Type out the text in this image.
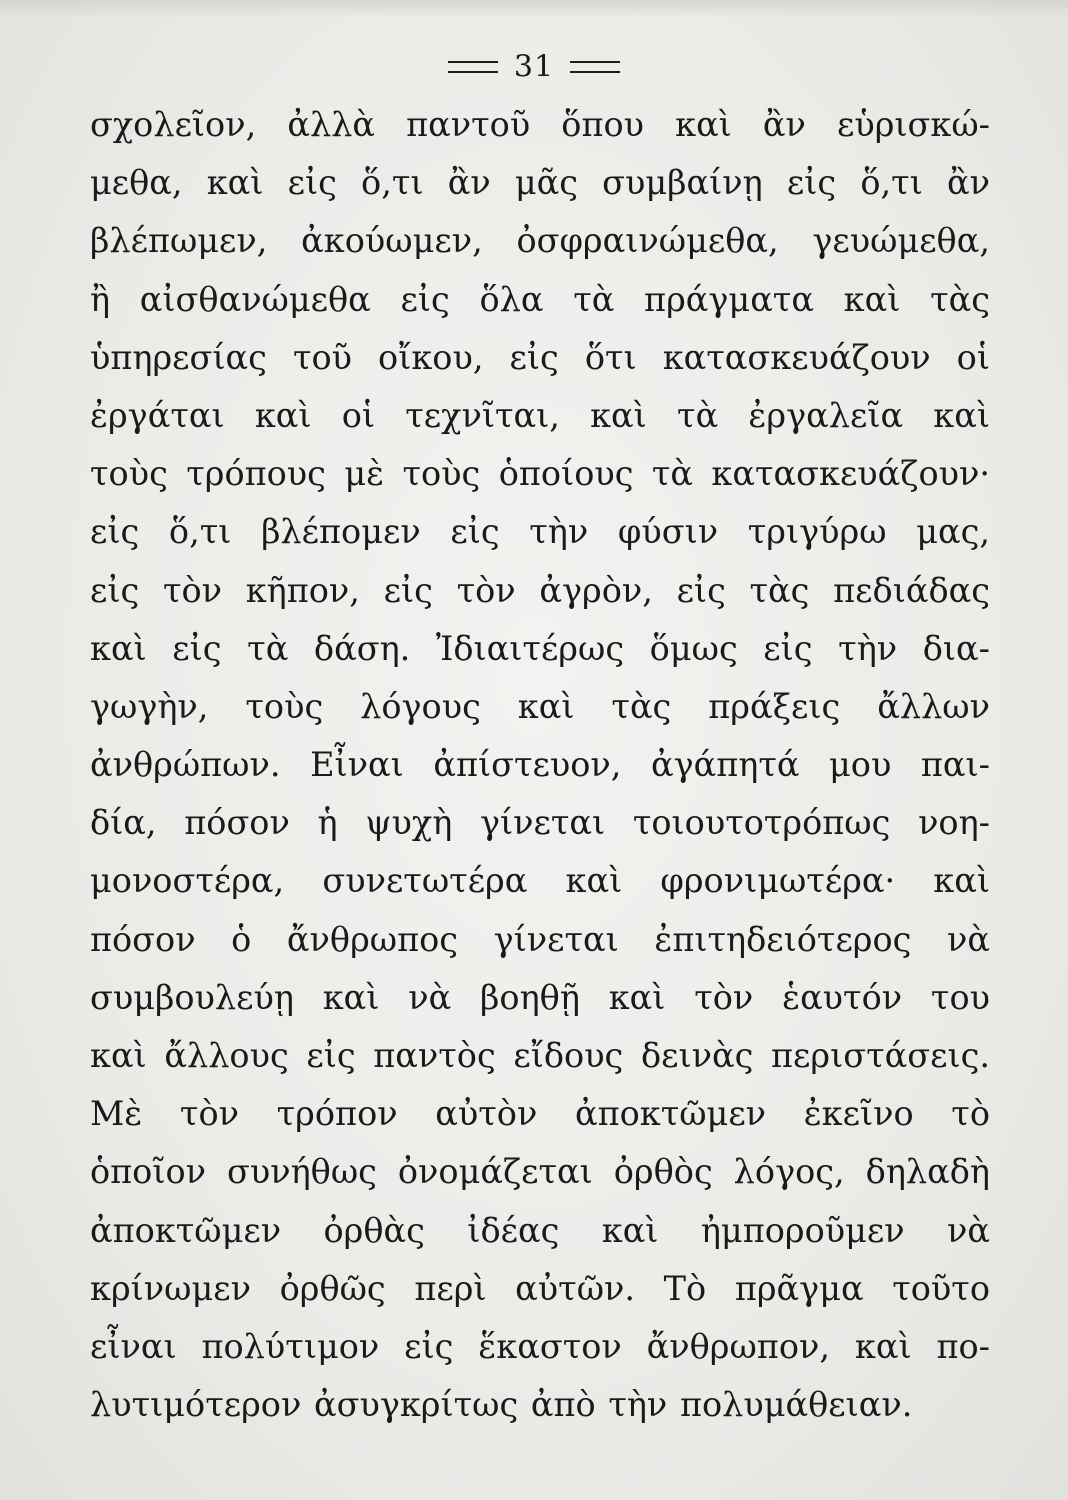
31
σχολεῖον, ἀλλὰ παντοῦ ὅπου καὶ ἂν εὑρισκώ-
μεθα, καὶ εἰς ὅ,τι ἂν μᾶς συμβαίνῃ εἰς ὅ,τι ἂν
βλέπωμεν, ἀκούωμεν, ὀσφραινώμεθα, γευώμεθα,
ἢ αἰσθανώμεθα εἰς ὅλα τὰ πράγματα καὶ τὰς
ὑπηρεσίας τοῦ οἴκου, εἰς ὅτι κατασκευάζουν οἱ
ἐργάται καὶ οἱ τεχνῖται, καὶ τὰ ἐργαλεῖα καὶ
τοὺς τρόπους μὲ τοὺς ὁποίους τὰ κατασκευάζουν·
εἰς ὅ,τι βλέπομεν εἰς τὴν φύσιν τριγύρω μας,
εἰς τὸν κῆπον, εἰς τὸν ἀγρὸν, εἰς τὰς πεδιάδας
καὶ εἰς τὰ δάση. Ἰδιαιτέρως ὅμως εἰς τὴν δια-
γωγὴν, τοὺς λόγους καὶ τὰς πράξεις ἄλλων
ἀνθρώπων. Εἶναι ἀπίστευον, ἀγάπητά μου παι-
δία, πόσον ἡ ψυχὴ γίνεται τοιουτοτρόπως νοη-
μονοστέρα, συνετωτέρα καὶ φρονιμωτέρα· καὶ
πόσον ὁ ἄνθρωπος γίνεται ἐπιτηδειότερος νὰ
συμβουλεύῃ καὶ νὰ βοηθῇ καὶ τὸν ἑαυτόν του
καὶ ἄλλους εἰς παντὸς εἴδους δεινὰς περιστάσεις.
Μὲ τὸν τρόπον αὐτὸν ἀποκτῶμεν ἐκεῖνο τὸ
ὁποῖον συνήθως ὀνομάζεται ὀρθὸς λόγος, δηλαδὴ
ἀποκτῶμεν ὀρθὰς ἰδέας καὶ ἠμποροῦμεν νὰ
κρίνωμεν ὀρθῶς περὶ αὐτῶν. Τὸ πρᾶγμα τοῦτο
εἶναι πολύτιμον εἰς ἕκαστον ἄνθρωπον, καὶ πο-
λυτιμότερον ἀσυγκρίτως ἀπὸ τὴν πολυμάθειαν.
